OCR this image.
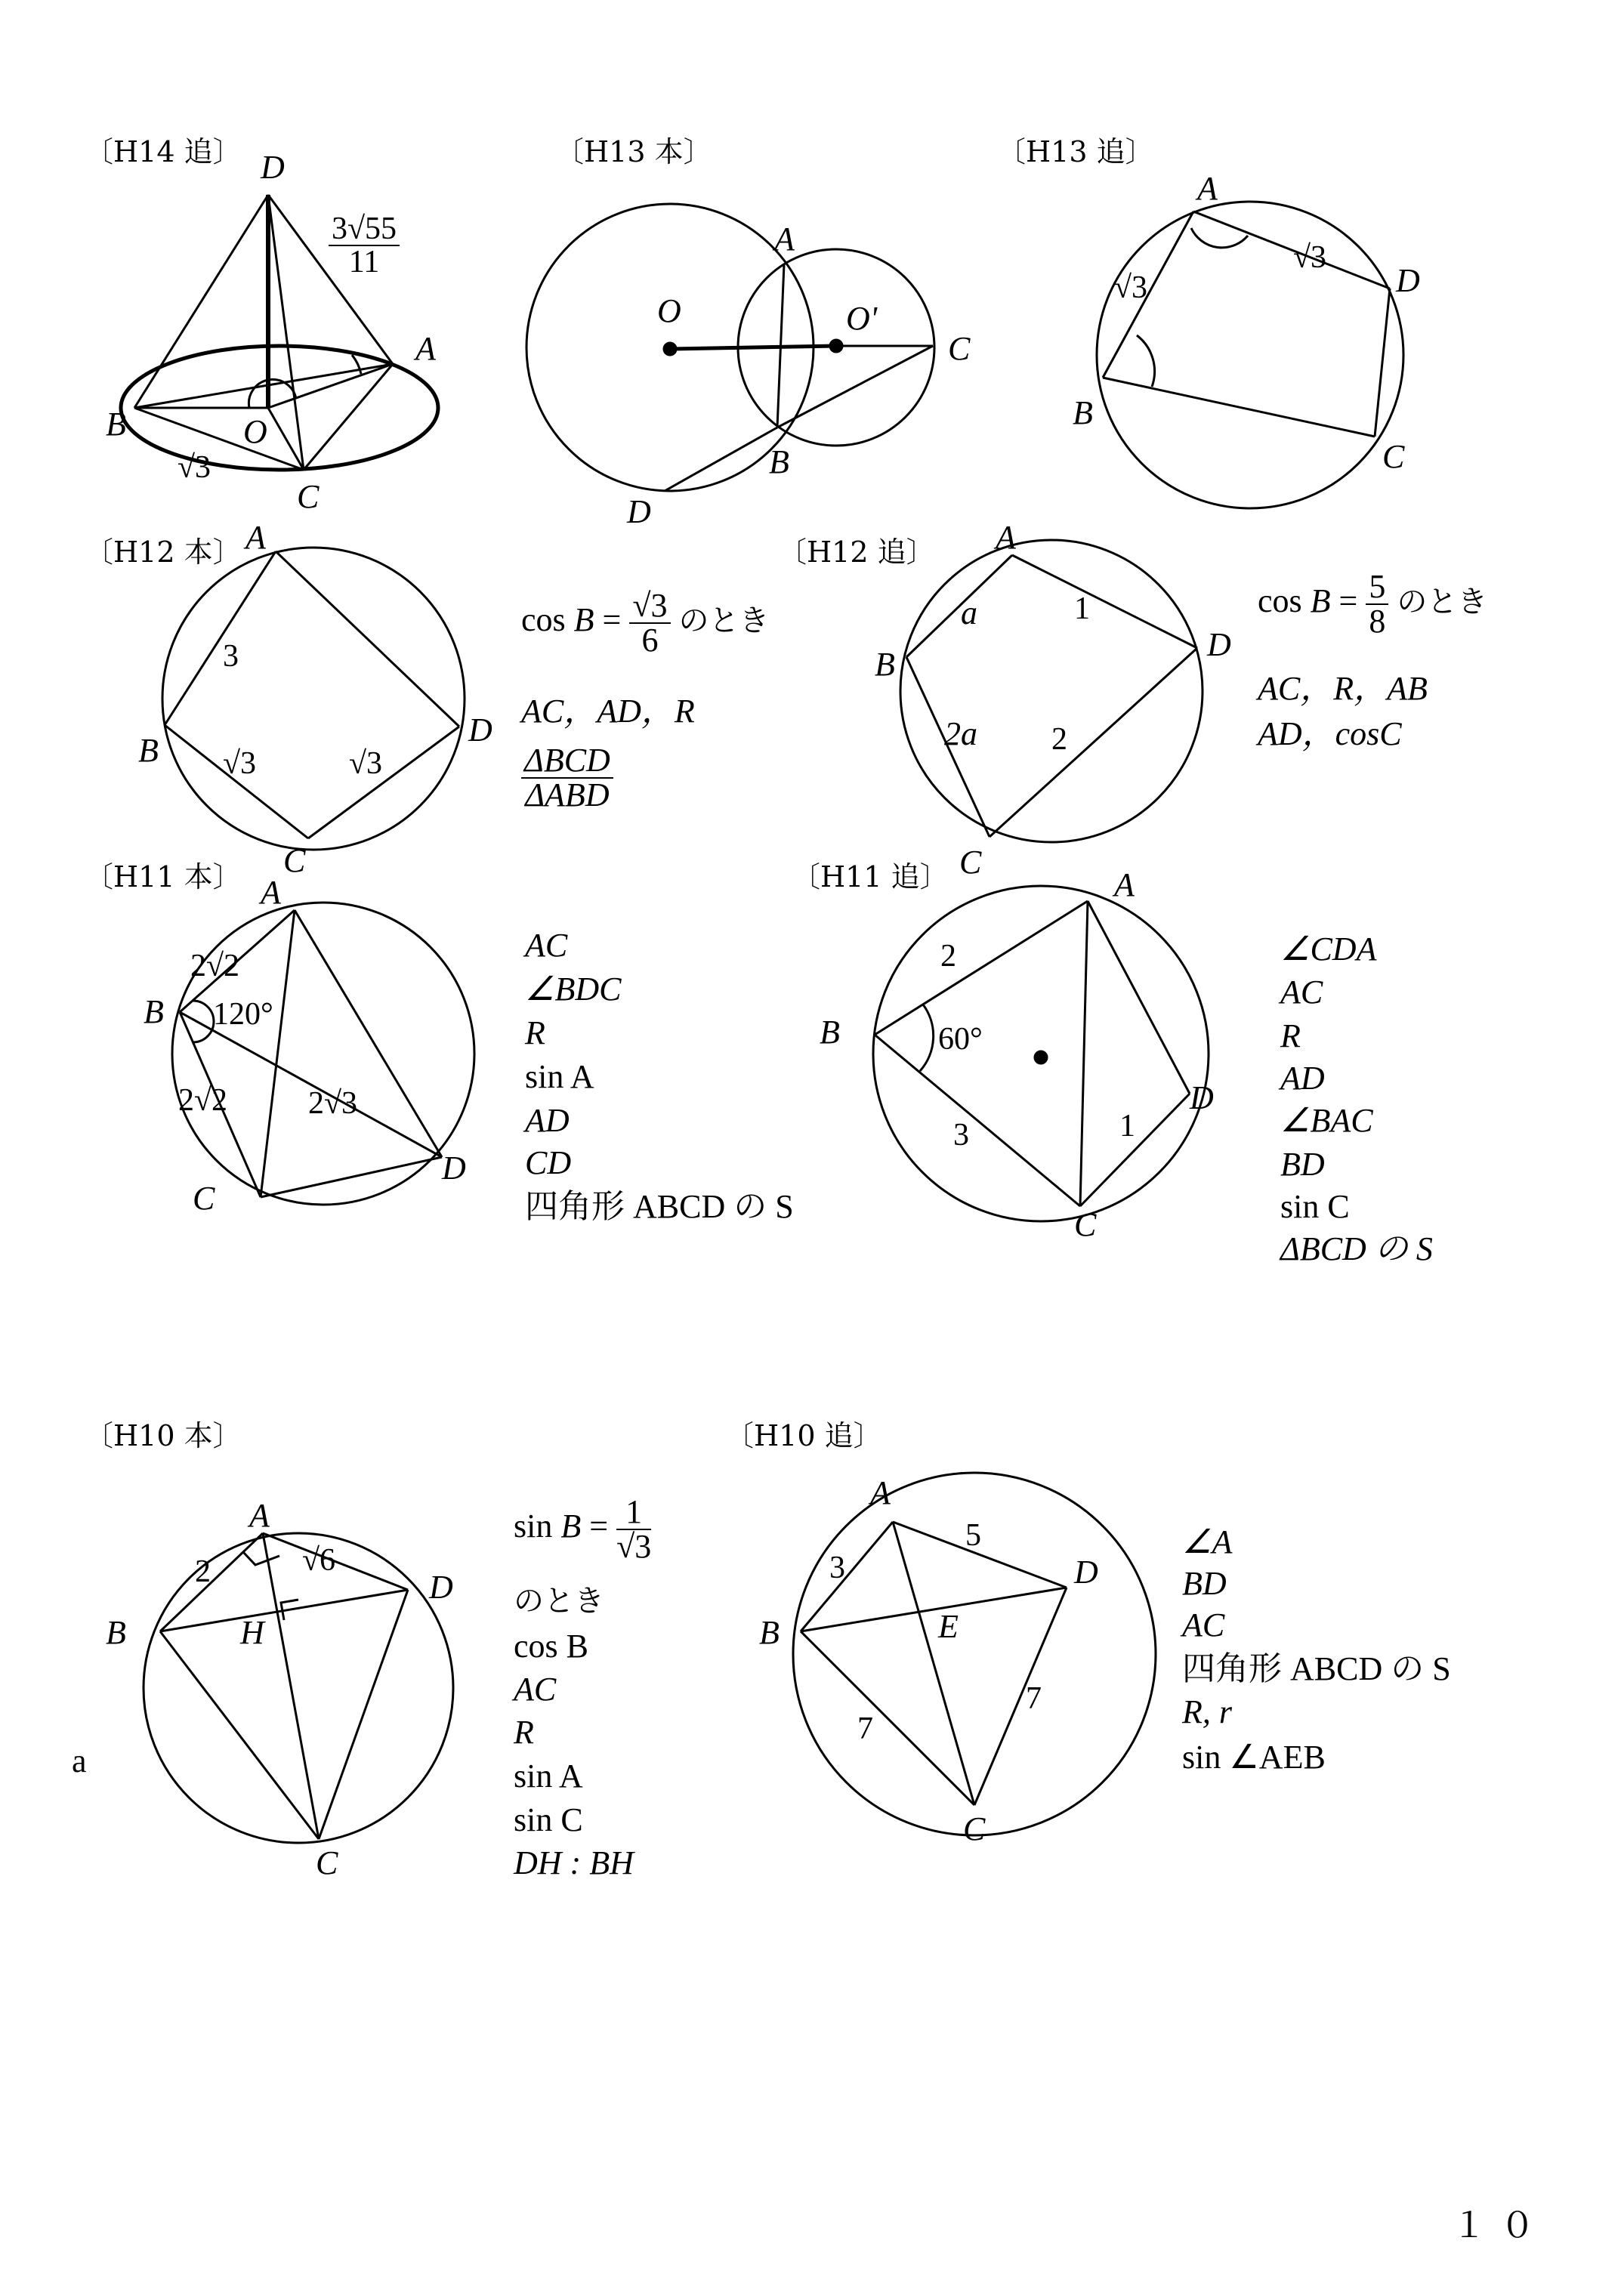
〔H14 追〕	〔H13 本〕	〔H13 追〕
〔H12 本〕	〔H12 追〕
〔H11 本〕	〔H11 追〕
〔H10 本〕	〔H10 追〕
D
A
B	O
C
√3
$\frac{3√55}{11}$	A
O	O'
C
B
D
A
D
B
C
√3
√3
A
B
C
D
3
√3	√3
$\cos B = \frac{√3}{6}$ のとき
AC，AD，R
$\frac{\text{ΔBCD}}{\text{ΔABD}}$
A
B
C
D
a	1
2a 2
$\cos B = \frac{5}{8}$ のとき
AC，R，AB
AD，cosC
A
B
C
D
2√2
120°
2√2	2√3
AC
∠BDC
R
sin A
AD
CD
四角形 ABCD の S
A
B
C
D
2
60°
3	1
∠CDA
AC
R
AD
∠BAC
BD
sin C
ΔBCD の S
A
B
C
D
H
2	√6
a
$\sin B = \frac{1}{√3}$
のとき
cos B
AC
R
sin A
sin C
DH : BH
A
B
C
D
E
3
5
7
7
∠A
BD
AC
四角形 ABCD の S
R, r
sin ∠AEB
１０
